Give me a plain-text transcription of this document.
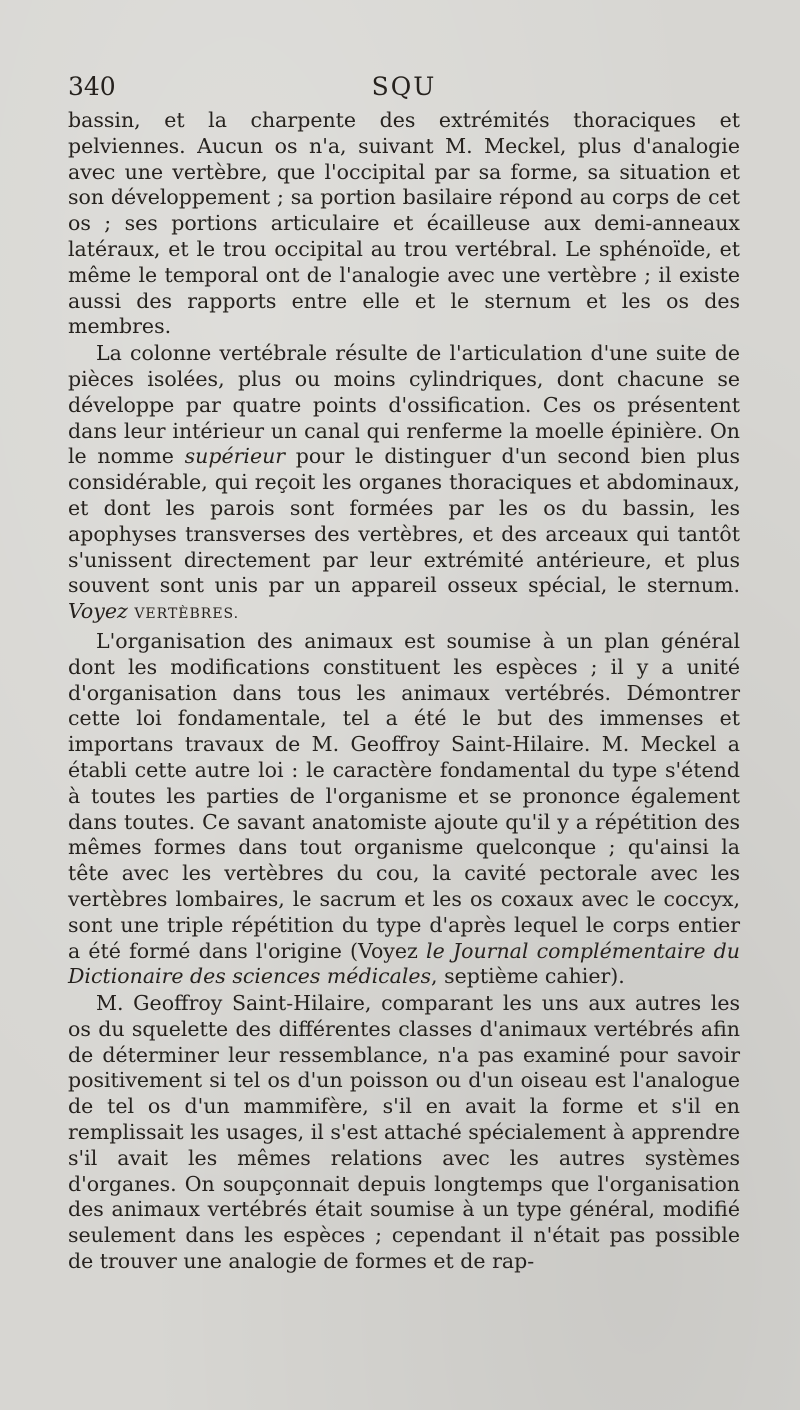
340	SQU

bassin, et la charpente des extrémités thoraciques et pelviennes. Aucun os n'a, suivant M. Meckel, plus d'analogie avec une vertèbre, que l'occipital par sa forme, sa situation et son développement ; sa portion basilaire répond au corps de cet os ; ses portions articulaire et écailleuse aux demi-anneaux latéraux, et le trou occipital au trou vertébral. Le sphénoïde, et même le temporal ont de l'analogie avec une vertèbre ; il existe aussi des rapports entre elle et le sternum et les os des membres.

La colonne vertébrale résulte de l'articulation d'une suite de pièces isolées, plus ou moins cylindriques, dont chacune se développe par quatre points d'ossification. Ces os présentent dans leur intérieur un canal qui renferme la moelle épinière. On le nomme supérieur pour le distinguer d'un second bien plus considérable, qui reçoit les organes thoraciques et abdominaux, et dont les parois sont formées par les os du bassin, les apophyses transverses des vertèbres, et des arceaux qui tantôt s'unissent directement par leur extrémité antérieure, et plus souvent sont unis par un appareil osseux spécial, le sternum. Voyez VERTÈBRES.

L'organisation des animaux est soumise à un plan général dont les modifications constituent les espèces ; il y a unité d'organisation dans tous les animaux vertébrés. Démontrer cette loi fondamentale, tel a été le but des immenses et importans travaux de M. Geoffroy Saint-Hilaire. M. Meckel a établi cette autre loi : le caractère fondamental du type s'étend à toutes les parties de l'organisme et se prononce également dans toutes. Ce savant anatomiste ajoute qu'il y a répétition des mêmes formes dans tout organisme quelconque ; qu'ainsi la tête avec les vertèbres du cou, la cavité pectorale avec les vertèbres lombaires, le sacrum et les os coxaux avec le coccyx, sont une triple répétition du type d'après lequel le corps entier a été formé dans l'origine (Voyez le Journal complémentaire du Dictionaire des sciences médicales, septième cahier).

M. Geoffroy Saint-Hilaire, comparant les uns aux autres les os du squelette des différentes classes d'animaux vertébrés afin de déterminer leur ressemblance, n'a pas examiné pour savoir positivement si tel os d'un poisson ou d'un oiseau est l'analogue de tel os d'un mammifère, s'il en avait la forme et s'il en remplissait les usages, il s'est attaché spécialement à apprendre s'il avait les mêmes relations avec les autres systèmes d'organes. On soupçonnait depuis longtemps que l'organisation des animaux vertébrés était soumise à un type général, modifié seulement dans les espèces ; cependant il n'était pas possible de trouver une analogie de formes et de rap-
